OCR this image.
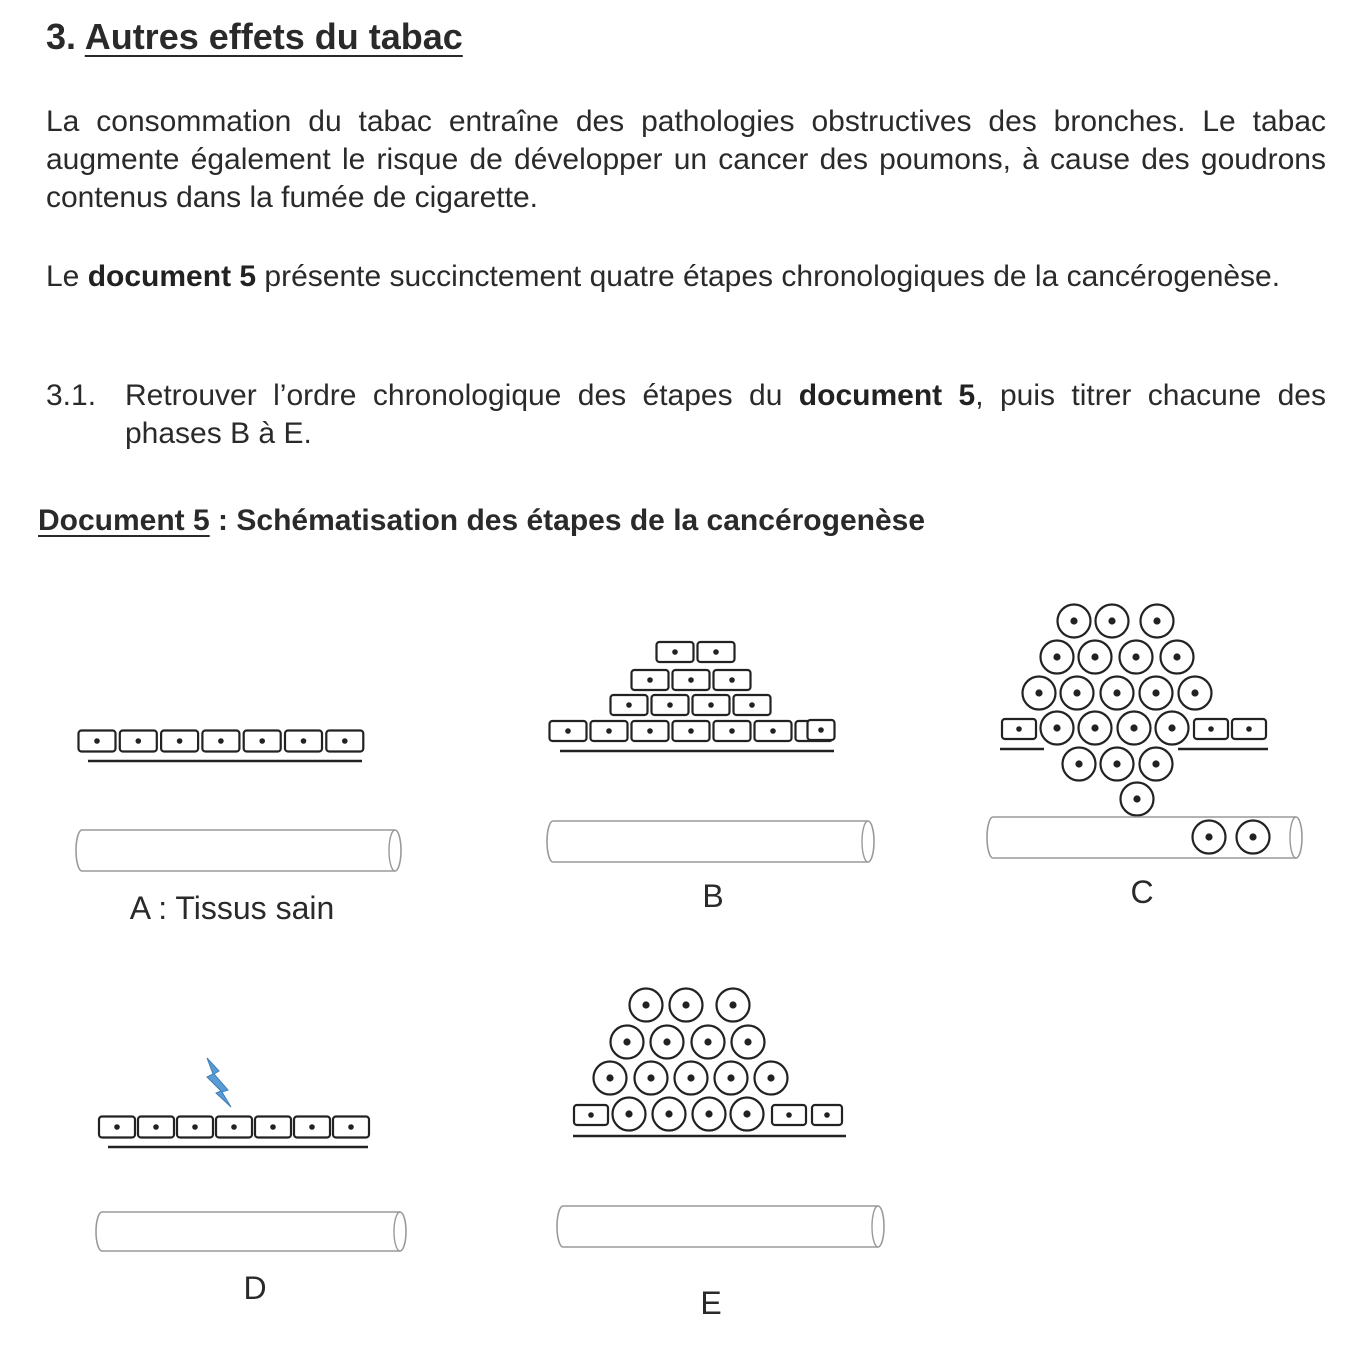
3. Autres effets du tabac

La consommation du tabac entraîne des pathologies obstructives des bronches. Le tabac augmente également le risque de développer un cancer des poumons, à cause des goudrons contenus dans la fumée de cigarette.

Le document 5 présente succinctement quatre étapes chronologiques de la cancérogenèse.

3.1. Retrouver l’ordre chronologique des étapes du document 5, puis titrer chacune des phases B à E.

Document 5 : Schématisation des étapes de la cancérogenèse
A : Tissus sain	B	C
D	E
